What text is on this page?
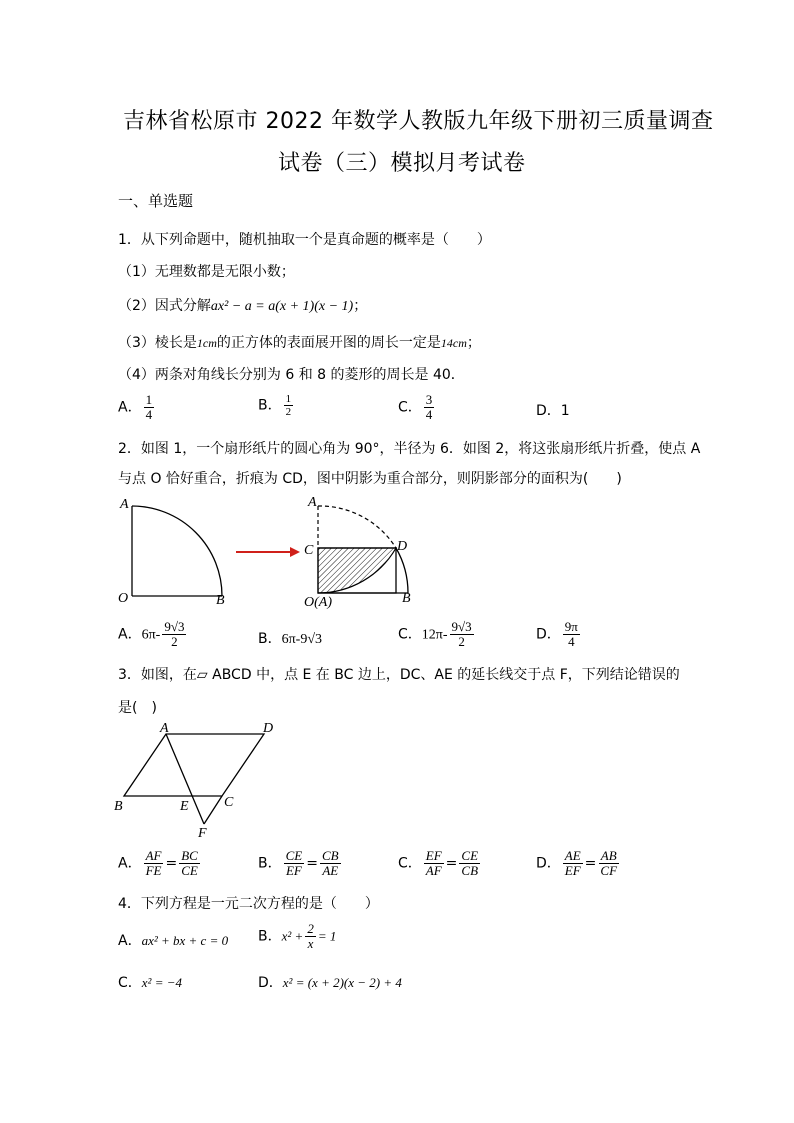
吉林省松原市 2022 年数学人教版九年级下册初三质量调查
试卷（三）模拟月考试卷
一、单选题
1．从下列命题中，随机抽取一个是真命题的概率是（　　）
（1）无理数都是无限小数；
（2）因式分解ax² − a = a(x + 1)(x − 1)；
（3）棱长是1cm的正方体的表面展开图的周长一定是14cm；
（4）两条对角线长分别为 6 和 8 的菱形的周长是 40．
A． $\frac{1}{4}$	B． $\frac{1}{2}$	C． $\frac{3}{4}$	D．1
2．如图 1，一个扇形纸片的圆心角为 90°，半径为 6．如图 2，将这张扇形纸片折叠，使点 A
与点 O 恰好重合，折痕为 CD，图中阴影为重合部分，则阴影部分的面积为(　　)
A
O	B
A
C	D
O(A)	B
A．$6\pi- \frac{9√3}{2}$	B．6π-9√3	C．$12\pi- \frac{9√3}{2}$	D． $\frac{9\pi}{4}$
3．如图，在▱ ABCD 中，点 E 在 BC 边上，DC、AE 的延长线交于点 F，下列结论错误的
是(　)
A	D
B	E	C
F
A． $\frac{AF}{FE} = \frac{BC}{CE}$	B． $\frac{CE}{EF} = \frac{CB}{AE}$	C． $\frac{EF}{AF} = \frac{CE}{CB}$	D． $\frac{AE}{EF} = \frac{AB}{CF}$
4．下列方程是一元二次方程的是（　　）
A．ax² + bx + c = 0 B．$x^2 + \frac{2}{x} = 1$
C．x² = −4	D．x² = (x + 2)(x − 2) + 4
